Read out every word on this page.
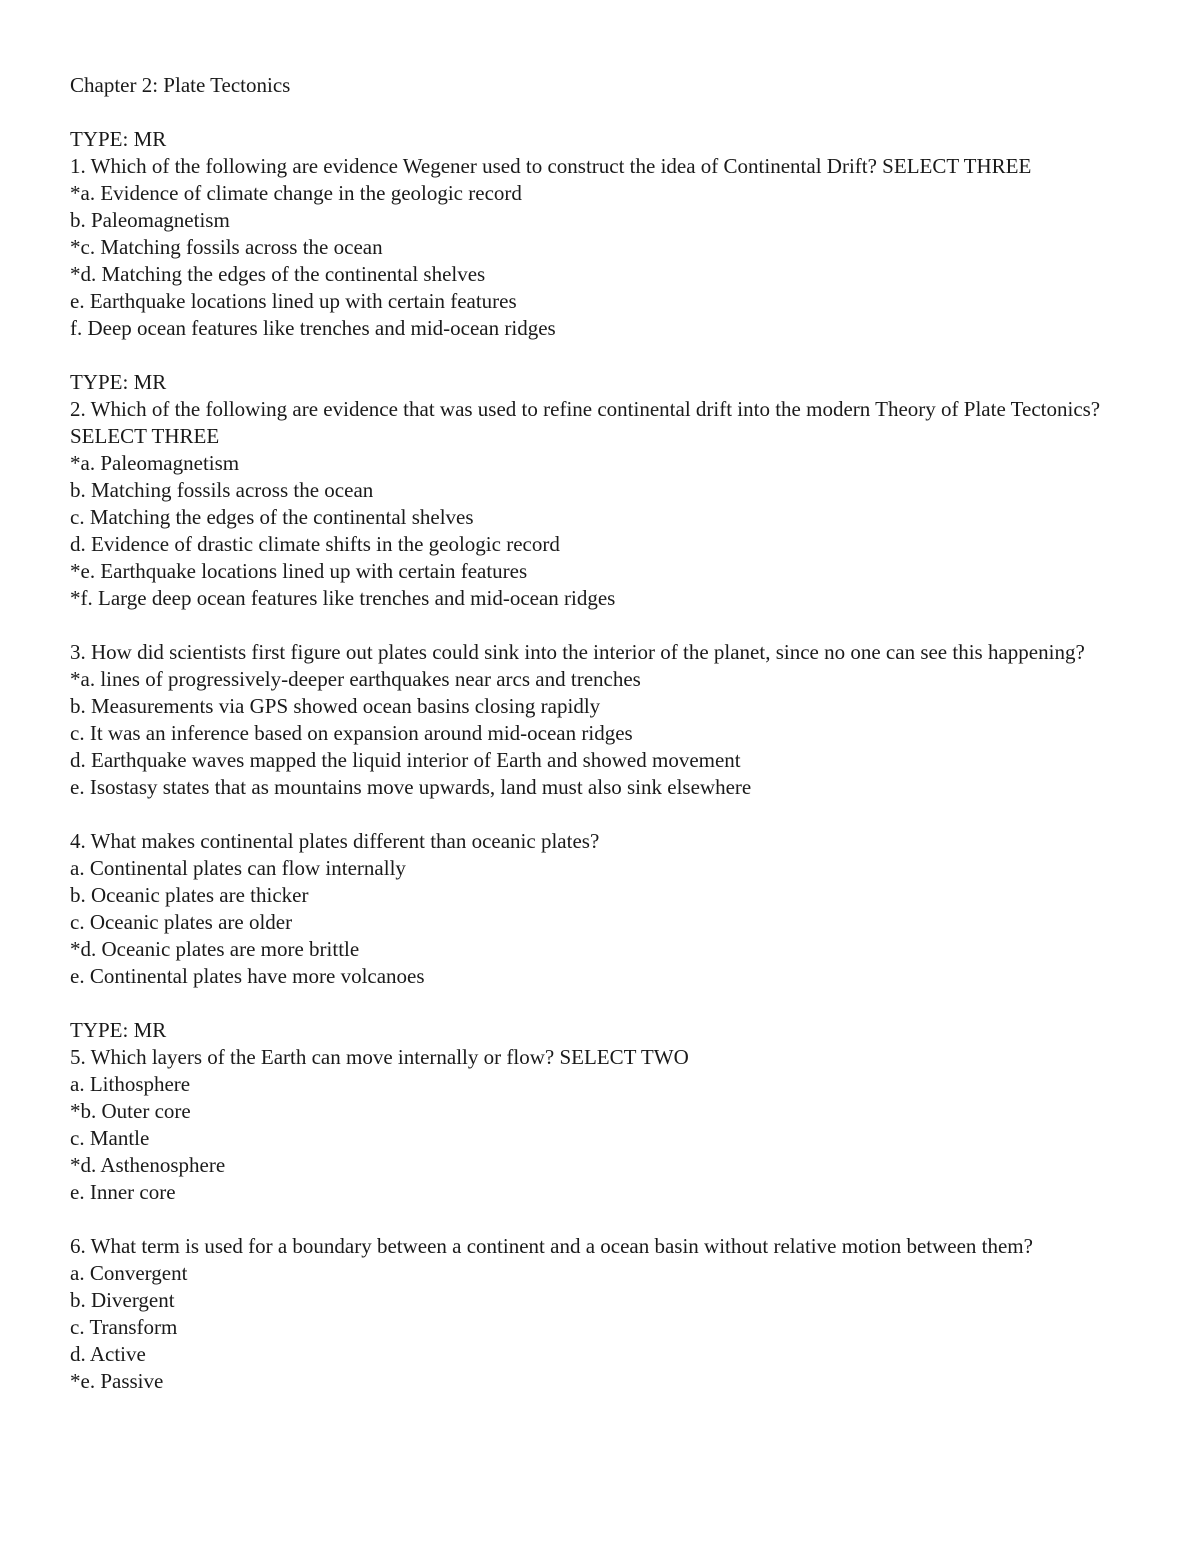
Chapter 2: Plate Tectonics
TYPE: MR
1. Which of the following are evidence Wegener used to construct the idea of Continental Drift? SELECT THREE
*a. Evidence of climate change in the geologic record
b. Paleomagnetism
*c. Matching fossils across the ocean
*d. Matching the edges of the continental shelves
e. Earthquake locations lined up with certain features
f. Deep ocean features like trenches and mid-ocean ridges
TYPE: MR
2. Which of the following are evidence that was used to refine continental drift into the modern Theory of Plate Tectonics? SELECT THREE
*a. Paleomagnetism
b. Matching fossils across the ocean
c. Matching the edges of the continental shelves
d. Evidence of drastic climate shifts in the geologic record
*e. Earthquake locations lined up with certain features
*f. Large deep ocean features like trenches and mid-ocean ridges
3. How did scientists first figure out plates could sink into the interior of the planet, since no one can see this happening?
*a. lines of progressively-deeper earthquakes near arcs and trenches
b. Measurements via GPS showed ocean basins closing rapidly
c. It was an inference based on expansion around mid-ocean ridges
d. Earthquake waves mapped the liquid interior of Earth and showed movement
e. Isostasy states that as mountains move upwards, land must also sink elsewhere
4. What makes continental plates different than oceanic plates?
a. Continental plates can flow internally
b. Oceanic plates are thicker
c. Oceanic plates are older
*d. Oceanic plates are more brittle
e. Continental plates have more volcanoes
TYPE: MR
5. Which layers of the Earth can move internally or flow? SELECT TWO
a. Lithosphere
*b. Outer core
c. Mantle
*d. Asthenosphere
e. Inner core
6. What term is used for a boundary between a continent and a ocean basin without relative motion between them?
a. Convergent
b. Divergent
c. Transform
d. Active
*e. Passive
